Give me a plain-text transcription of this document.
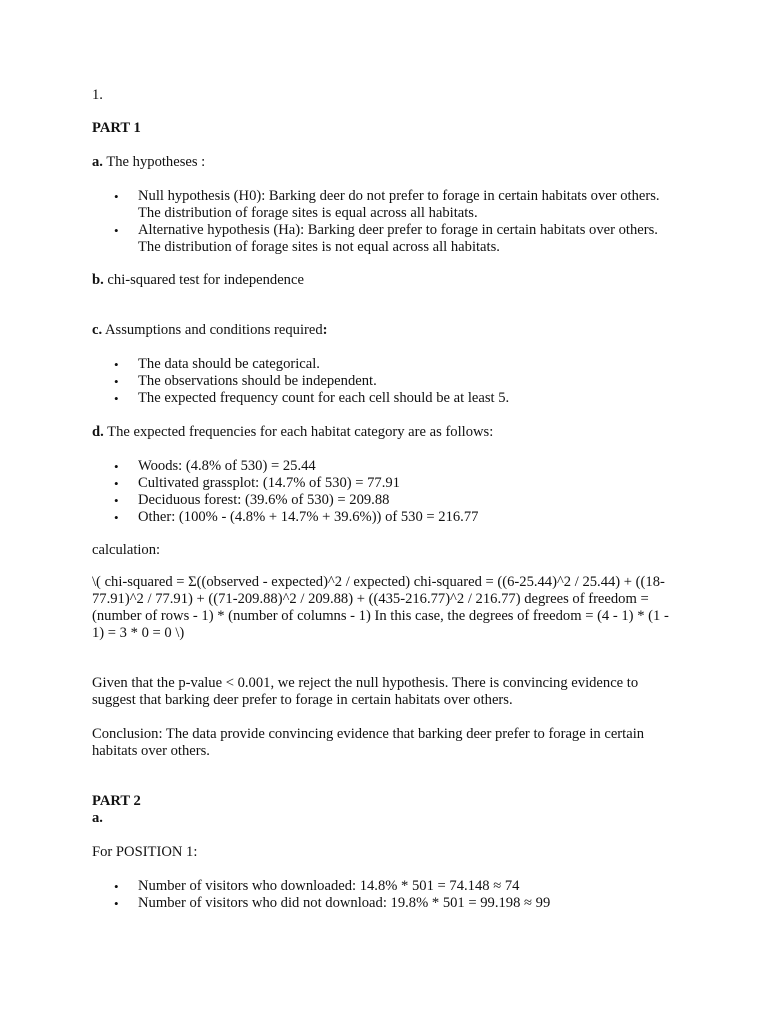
1.

PART 1

a. The hypotheses :

• Null hypothesis (H0): Barking deer do not prefer to forage in certain habitats over others. The distribution of forage sites is equal across all habitats.
• Alternative hypothesis (Ha): Barking deer prefer to forage in certain habitats over others. The distribution of forage sites is not equal across all habitats.

b. chi-squared test for independence

c. Assumptions and conditions required:

• The data should be categorical.
• The observations should be independent.
• The expected frequency count for each cell should be at least 5.

d. The expected frequencies for each habitat category are as follows:

• Woods: (4.8% of 530) = 25.44
• Cultivated grassplot: (14.7% of 530) = 77.91
• Deciduous forest: (39.6% of 530) = 209.88
• Other: (100% - (4.8% + 14.7% + 39.6%)) of 530 = 216.77

calculation:

\( chi-squared = Σ((observed - expected)^2 / expected) chi-squared = ((6-25.44)^2 / 25.44) + ((18-77.91)^2 / 77.91) + ((71-209.88)^2 / 209.88) + ((435-216.77)^2 / 216.77) degrees of freedom = (number of rows - 1) * (number of columns - 1) In this case, the degrees of freedom = (4 - 1) * (1 - 1) = 3 * 0 = 0 \)

Given that the p-value < 0.001, we reject the null hypothesis. There is convincing evidence to suggest that barking deer prefer to forage in certain habitats over others.

Conclusion: The data provide convincing evidence that barking deer prefer to forage in certain habitats over others.

PART 2

a.

For POSITION 1:

• Number of visitors who downloaded: 14.8% * 501 = 74.148 ≈ 74
• Number of visitors who did not download: 19.8% * 501 = 99.198 ≈ 99
